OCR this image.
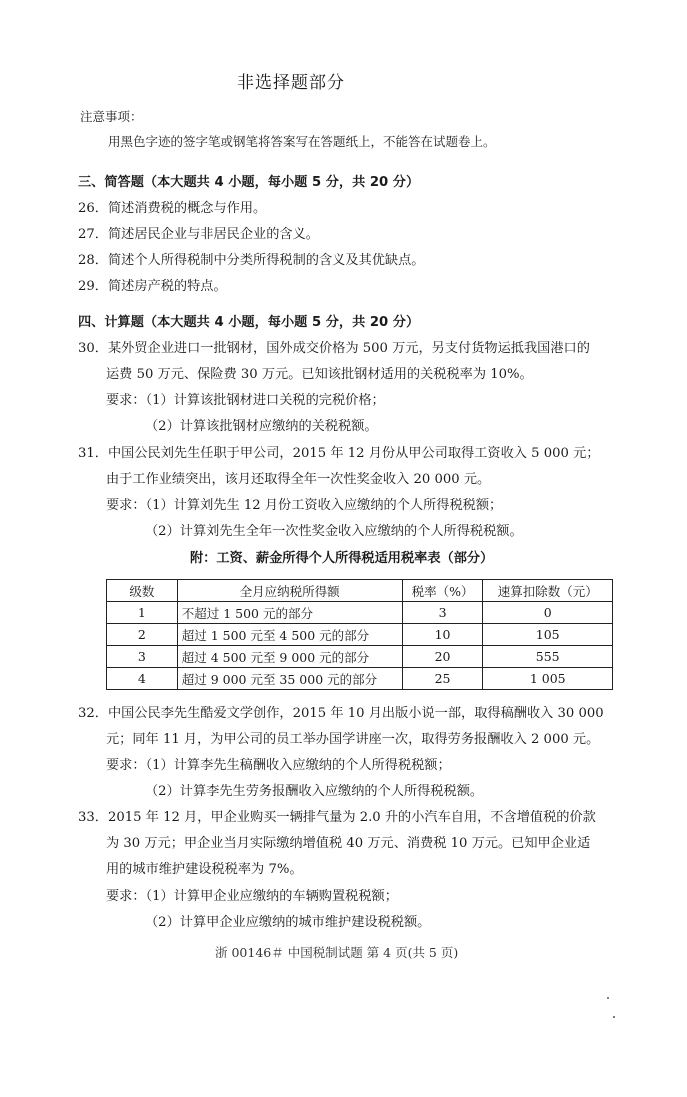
非选择题部分
注意事项：
用黑色字迹的签字笔或钢笔将答案写在答题纸上，不能答在试题卷上。
三、简答题（本大题共 4 小题，每小题 5 分，共 20 分）
26．简述消费税的概念与作用。
27．简述居民企业与非居民企业的含义。
28．简述个人所得税制中分类所得税制的含义及其优缺点。
29．简述房产税的特点。
四、计算题（本大题共 4 小题，每小题 5 分，共 20 分）
30．某外贸企业进口一批钢材，国外成交价格为 500 万元，另支付货物运抵我国港口的
运费 50 万元、保险费 30 万元。已知该批钢材适用的关税税率为 10%。
要求：（1）计算该批钢材进口关税的完税价格；
（2）计算该批钢材应缴纳的关税税额。
31．中国公民刘先生任职于甲公司，2015 年 12 月份从甲公司取得工资收入 5 000 元；
由于工作业绩突出，该月还取得全年一次性奖金收入 20 000 元。
要求：（1）计算刘先生 12 月份工资收入应缴纳的个人所得税税额；
（2）计算刘先生全年一次性奖金收入应缴纳的个人所得税税额。
附：工资、薪金所得个人所得税适用税率表（部分）
级数	全月应纳税所得额	税率（%）	速算扣除数（元）
1	不超过 1 500 元的部分	3	0
2	超过 1 500 元至 4 500 元的部分	10	105
3	超过 4 500 元至 9 000 元的部分	20	555
4	超过 9 000 元至 35 000 元的部分	25	1 005
32．中国公民李先生酷爱文学创作，2015 年 10 月出版小说一部，取得稿酬收入 30 000
元；同年 11 月，为甲公司的员工举办国学讲座一次，取得劳务报酬收入 2 000 元。
要求：（1）计算李先生稿酬收入应缴纳的个人所得税税额；
（2）计算李先生劳务报酬收入应缴纳的个人所得税税额。
33．2015 年 12 月，甲企业购买一辆排气量为 2.0 升的小汽车自用，不含增值税的价款
为 30 万元；甲企业当月实际缴纳增值税 40 万元、消费税 10 万元。已知甲企业适
用的城市维护建设税税率为 7%。
要求：（1）计算甲企业应缴纳的车辆购置税税额；
（2）计算甲企业应缴纳的城市维护建设税税额。
浙 00146＃ 中国税制试题 第 4 页(共 5 页)
